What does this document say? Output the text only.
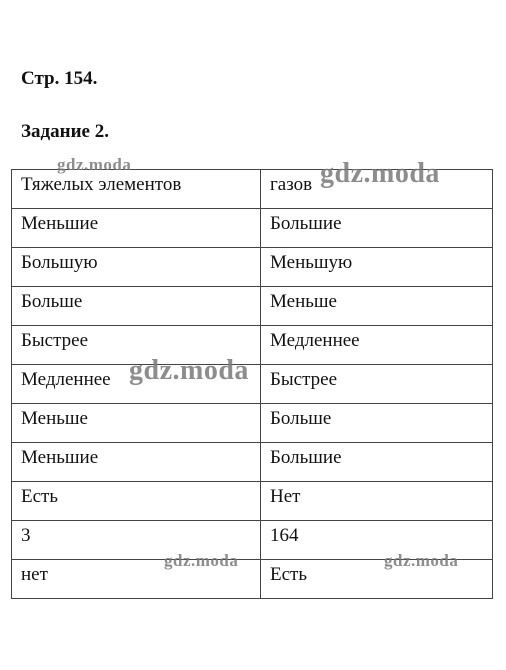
Стр. 154.
Задание 2.
Тяжелых элементов	газов
Меньшие	Большие
Большую	Меньшую
Больше	Меньше
Быстрее	Медленнее
Медленнее	Быстрее
Меньше	Больше
Меньшие	Большие
Есть	Нет
3	164
нет	Есть
gdz.moda	gdz.moda
gdz.moda
gdz.moda	gdz.moda
